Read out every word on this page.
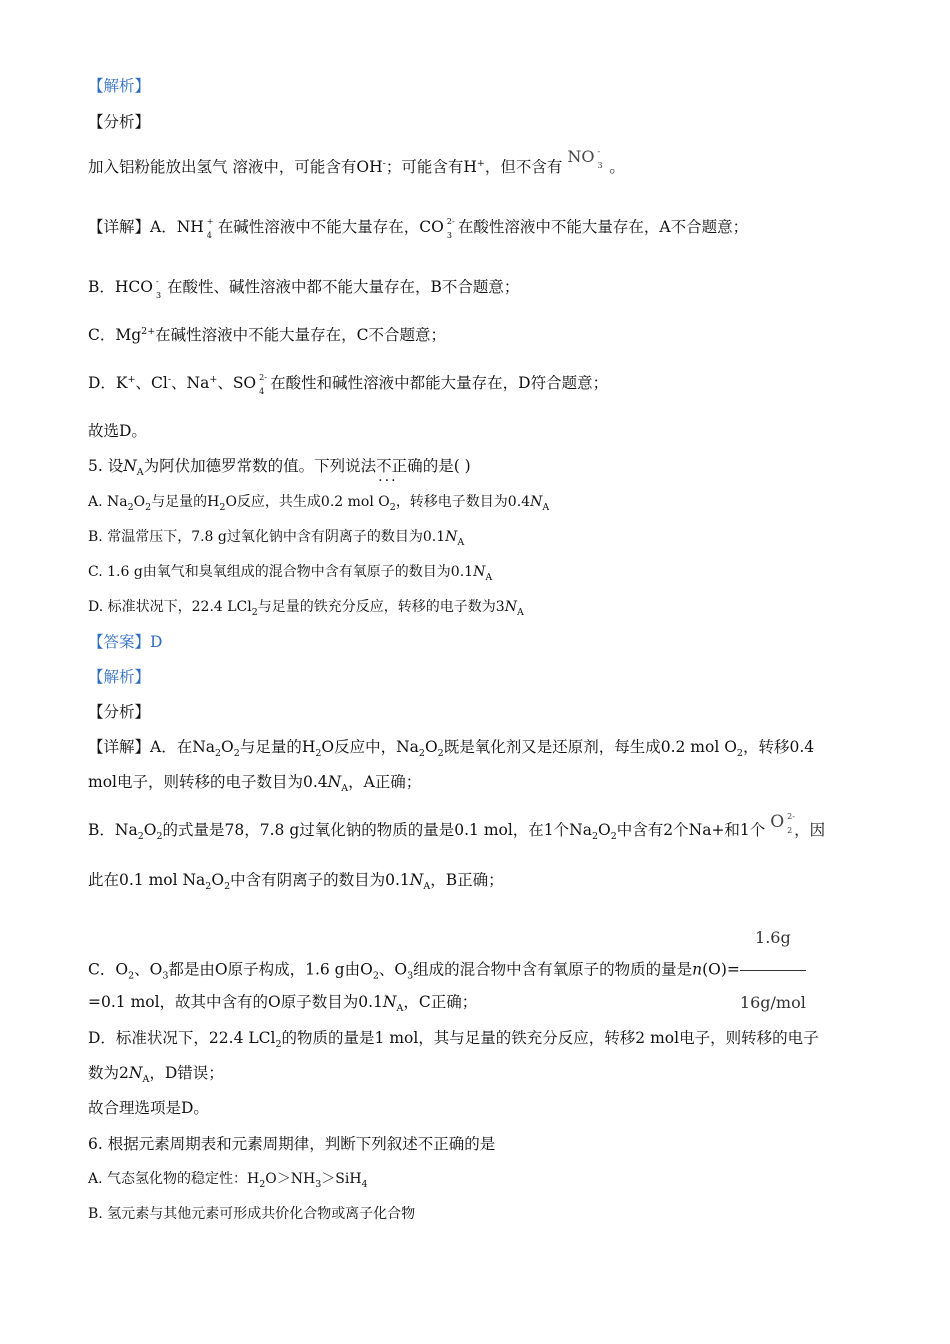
【解析】
【分析】
加入铝粉能放出氢气 溶液中，可能含有OH-；可能含有H+，但不含有 NO -
3 。
【详解】A．NH +
4 在碱性溶液中不能大量存在，CO 2-
3 在酸性溶液中不能大量存在，A不合题意；
B．HCO -
3 在酸性、碱性溶液中都不能大量存在，B不合题意；
C．$Mg^{2+}$在碱性溶液中不能大量存在，C不合题意；
D．K+、Cl-、Na+、SO 2-
4 在酸性和碱性溶液中都能大量存在，D符合题意；
故选D。
5. 设$N_A$为阿伏加德罗常数的值。下列说法不正确 ···的是( )
A. $Na_2O_2$与足量的$H_2O$反应，共生成0.2 mol $O_2$，转移电子数目为$0.4N_A$
B. 常温常压下，7.8 g过氧化钠中含有阴离子的数目为$0.1N_A$
C. 1.6 g由氧气和臭氧组成的混合物中含有氧原子的数目为$0.1N_A$
D. 标准状况下，22.4 LCl$_2$与足量的铁充分反应，转移的电子数为$3N_A$
【答案】D
【解析】
【分析】
【详解】A．在$Na_2O_2$与足量的$H_2O$反应中，$Na_2O_2$既是氧化剂又是还原剂，每生成0.2 mol $O_2$，转移0.4
mol电子，则转移的电子数目为$0.4N_A$，A正确；
B．$Na_2O_2$的式量是78，7.8 g过氧化钠的物质的量是0.1 mol，在1个$Na_2O_2$中含有2个Na+和1个 O 2-
2 ，因
此在0.1 mol $Na_2O_2$中含有阴离子的数目为$0.1N_A$，B正确；
C．$O_2$、$O_3$都是由O原子构成，1.6 g由$O_2$、$O_3$组成的混合物中含有氧原子的物质的量是$n(O)= \frac{1.6g}{\text{16g/mol}}$
=0.1 mol，故其中含有的O原子数目为$0.1N_A$，C正确；
D．标准状况下，22.4 LCl$_2$的物质的量是1 mol，其与足量的铁充分反应，转移2 mol电子，则转移的电子
数为$2N_A$，D错误；
故合理选项是D。
6. 根据元素周期表和元素周期律，判断下列叙述不正确的是
A. 气态氢化物的稳定性：$H_2O>NH_3>SiH_4$
B. 氢元素与其他元素可形成共价化合物或离子化合物
